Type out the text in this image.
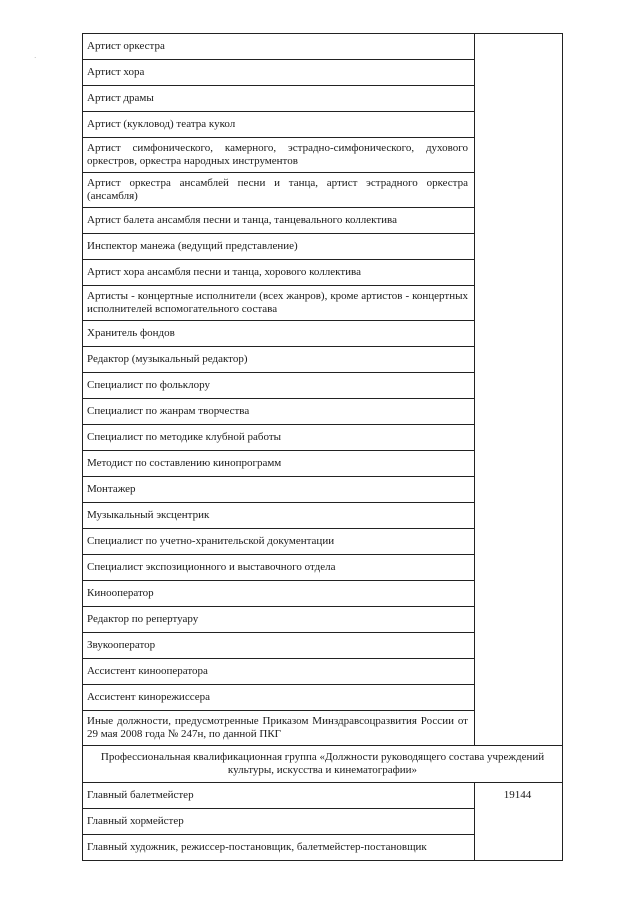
·
Артист оркестра	
Артист хора	
Артист драмы	
Артист (кукловод) театра кукол	
Артист симфонического, камерного, эстрадно-симфонического, духового оркестров, оркестра народных инструментов	
Артист оркестра ансамблей песни и танца, артист эстрадного оркестра (ансамбля)	
Артист балета ансамбля песни и танца, танцевального коллектива	
Инспектор манежа (ведущий представление)	
Артист хора ансамбля песни и танца, хорового коллектива	
Артисты - концертные исполнители (всех жанров), кроме артистов - концертных исполнителей вспомогательного состава	
Хранитель фондов	
Редактор (музыкальный редактор)	
Специалист по фольклору	
Специалист по жанрам творчества	
Специалист по методике клубной работы	
Методист по составлению кинопрограмм	
Монтажер	
Музыкальный эксцентрик	
Специалист по учетно-хранительской документации	
Специалист экспозиционного и выставочного отдела	
Кинооператор	
Редактор по репертуару	
Звукооператор	
Ассистент кинооператора	
Ассистент кинорежиссера	
Иные должности, предусмотренные Приказом Минздравсоцразвития России от 29 мая 2008 года № 247н, по данной ПКГ	
Профессиональная квалификационная группа «Должности руководящего состава учреждений культуры, искусства и кинематографии»	
Главный балетмейстер	19144
Главный хормейстер	
Главный художник, режиссер-постановщик, балетмейстер-постановщик	
